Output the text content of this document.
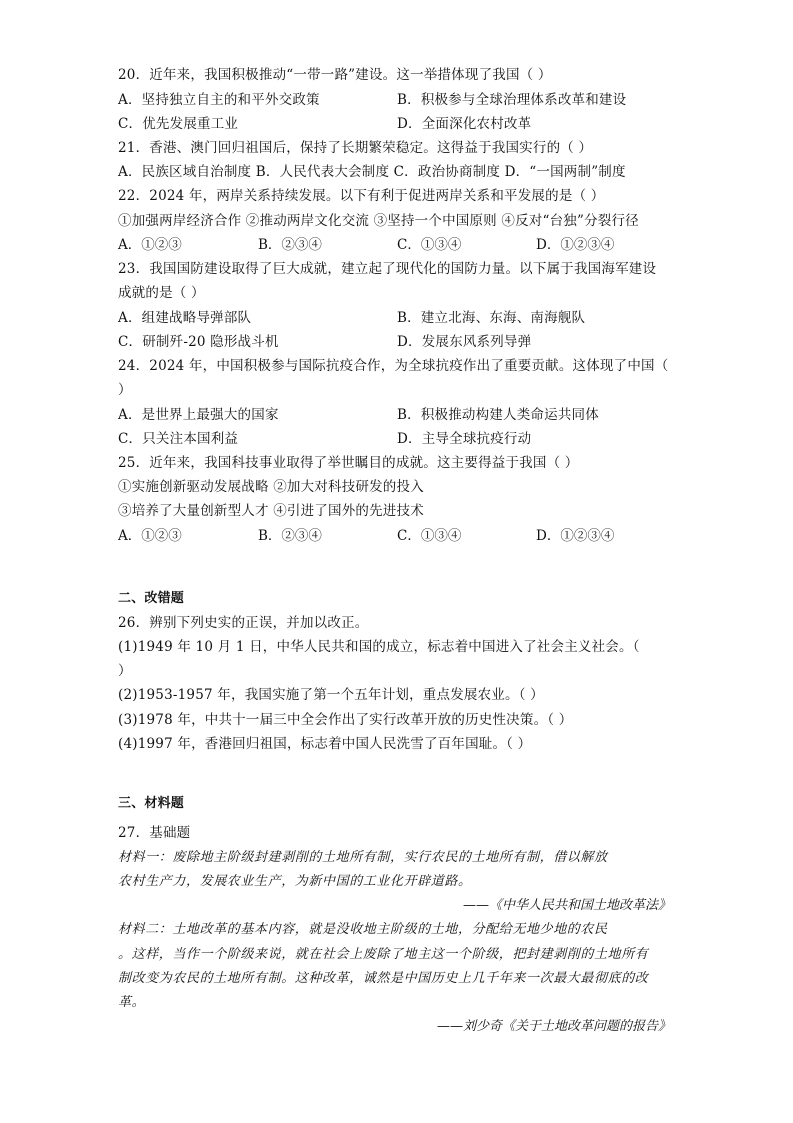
20．近年来，我国积极推动“一带一路”建设。这一举措体现了我国（ ）
A．坚持独立自主的和平外交政策	B．积极参与全球治理体系改革和建设
C．优先发展重工业	D．全面深化农村改革
21．香港、澳门回归祖国后，保持了长期繁荣稳定。这得益于我国实行的（ ）
A．民族区域自治制度 B．人民代表大会制度 C．政治协商制度 D．“一国两制”制度
22．2024 年，两岸关系持续发展。以下有利于促进两岸关系和平发展的是（ ）
①加强两岸经济合作 ②推动两岸文化交流 ③坚持一个中国原则 ④反对“台独”分裂行径
A．①②③	B．②③④	C．①③④	D．①②③④
23．我国国防建设取得了巨大成就，建立起了现代化的国防力量。以下属于我国海军建设
成就的是（ ）
A．组建战略导弹部队	B．建立北海、东海、南海舰队
C．研制歼-20 隐形战斗机	D．发展东风系列导弹
24．2024 年，中国积极参与国际抗疫合作，为全球抗疫作出了重要贡献。这体现了中国（
）
A．是世界上最强大的国家	B．积极推动构建人类命运共同体
C．只关注本国利益	D．主导全球抗疫行动
25．近年来，我国科技事业取得了举世瞩目的成就。这主要得益于我国（ ）
①实施创新驱动发展战略 ②加大对科技研发的投入
③培养了大量创新型人才 ④引进了国外的先进技术
A．①②③	B．②③④	C．①③④	D．①②③④
二、改错题
26．辨别下列史实的正误，并加以改正。
(1)1949 年 10 月 1 日，中华人民共和国的成立，标志着中国进入了社会主义社会。（
）
(2)1953-1957 年，我国实施了第一个五年计划，重点发展农业。（ ）
(3)1978 年，中共十一届三中全会作出了实行改革开放的历史性决策。（ ）
(4)1997 年，香港回归祖国，标志着中国人民洗雪了百年国耻。（ ）
三、材料题
27．基础题
材料一：废除地主阶级封建剥削的土地所有制，实行农民的土地所有制，借以解放
农村生产力，发展农业生产，为新中国的工业化开辟道路。
——《中华人民共和国土地改革法》
材料二：土地改革的基本内容，就是没收地主阶级的土地，分配给无地少地的农民
。这样，当作一个阶级来说，就在社会上废除了地主这一个阶级，把封建剥削的土地所有
制改变为农民的土地所有制。这种改革，诚然是中国历史上几千年来一次最大最彻底的改
革。
——刘少奇《关于土地改革问题的报告》
